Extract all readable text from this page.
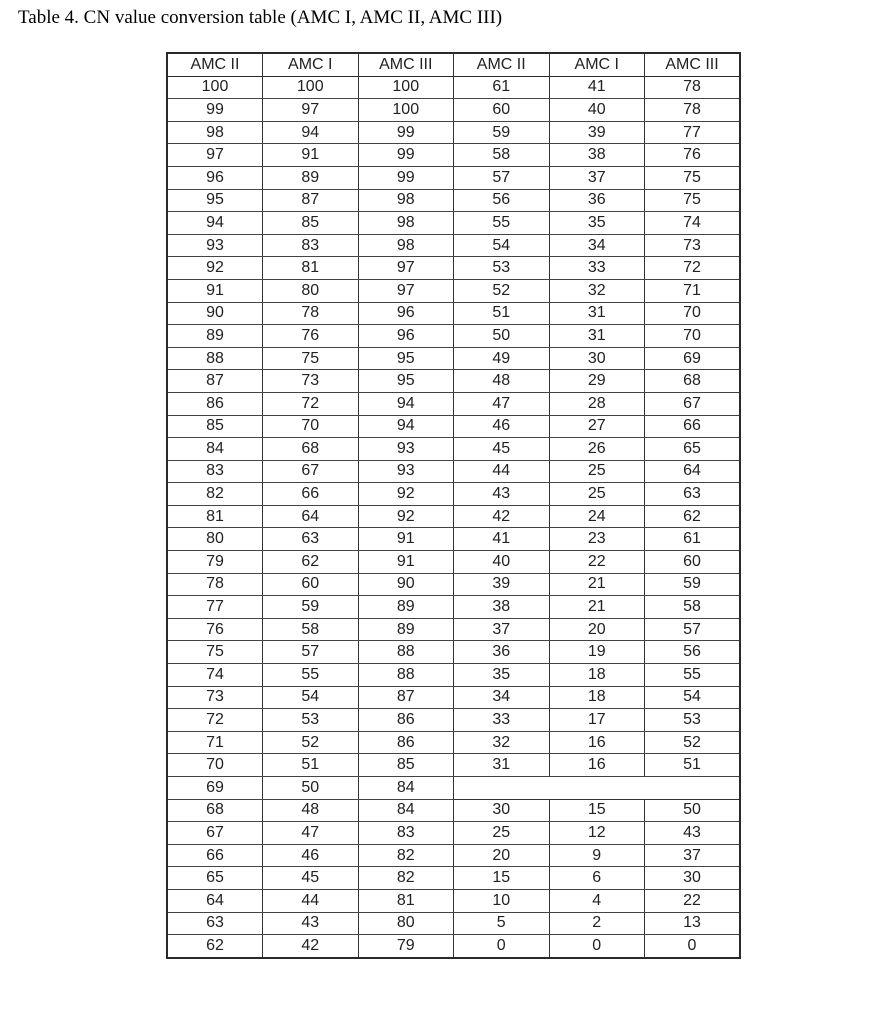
Table 4. CN value conversion table (AMC I, AMC II, AMC III)
AMC II	AMC I	AMC III	AMC II	AMC I	AMC III
100	100	100	61	41	78
99	97	100	60	40	78
98	94	99	59	39	77
97	91	99	58	38	76
96	89	99	57	37	75
95	87	98	56	36	75
94	85	98	55	35	74
93	83	98	54	34	73
92	81	97	53	33	72
91	80	97	52	32	71
90	78	96	51	31	70
89	76	96	50	31	70
88	75	95	49	30	69
87	73	95	48	29	68
86	72	94	47	28	67
85	70	94	46	27	66
84	68	93	45	26	65
83	67	93	44	25	64
82	66	92	43	25	63
81	64	92	42	24	62
80	63	91	41	23	61
79	62	91	40	22	60
78	60	90	39	21	59
77	59	89	38	21	58
76	58	89	37	20	57
75	57	88	36	19	56
74	55	88	35	18	55
73	54	87	34	18	54
72	53	86	33	17	53
71	52	86	32	16	52
70	51	85	31	16	51
69	50	84			
68	48	84	30	15	50
67	47	83	25	12	43
66	46	82	20	9	37
65	45	82	15	6	30
64	44	81	10	4	22
63	43	80	5	2	13
62	42	79	0	0	0
